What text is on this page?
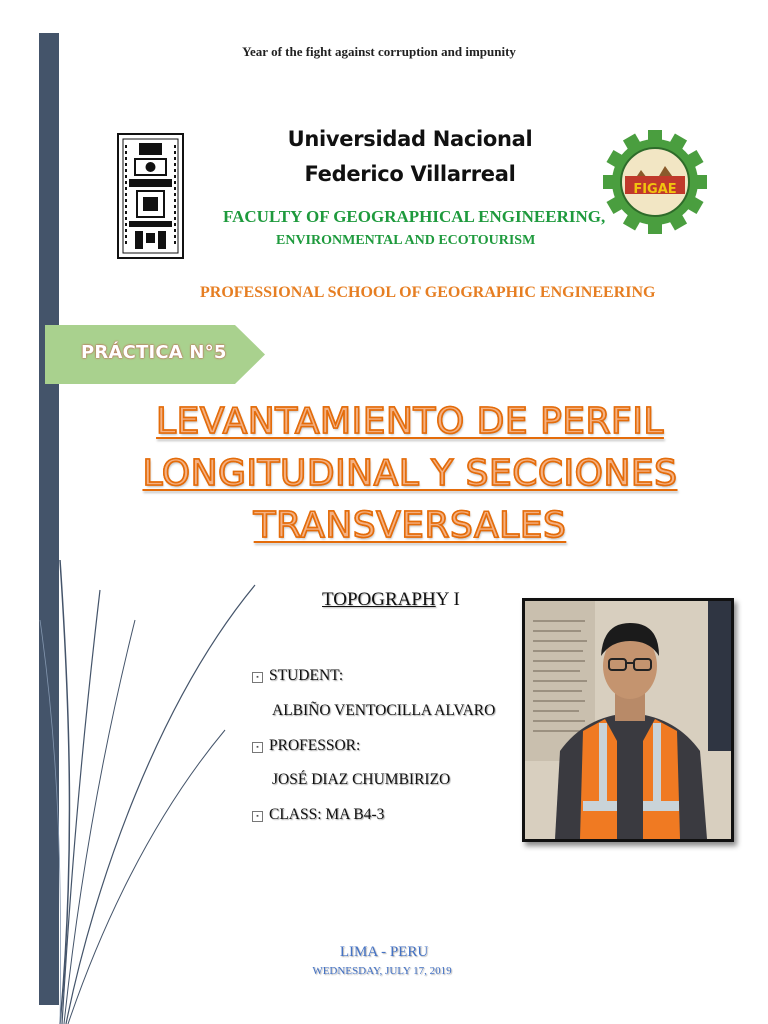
Year of the fight against corruption and impunity
Universidad Nacional
Federico Villarreal
FIGAE
FACULTY OF GEOGRAPHICAL ENGINEERING,
ENVIRONMENTAL AND ECOTOURISM
PROFESSIONAL SCHOOL OF GEOGRAPHIC ENGINEERING
PRÁCTICA N°5
LEVANTAMIENTO DE PERFIL
LONGITUDINAL Y SECCIONES
TRANSVERSALES
TOPOGRAPHY I
▪ STUDENT:
ALBIÑO VENTOCILLA ALVARO
▪ PROFESSOR:
JOSÉ DIAZ CHUMBIRIZO
▪ CLASS: MA B4-3
LIMA - PERU
WEDNESDAY, JULY 17, 2019
